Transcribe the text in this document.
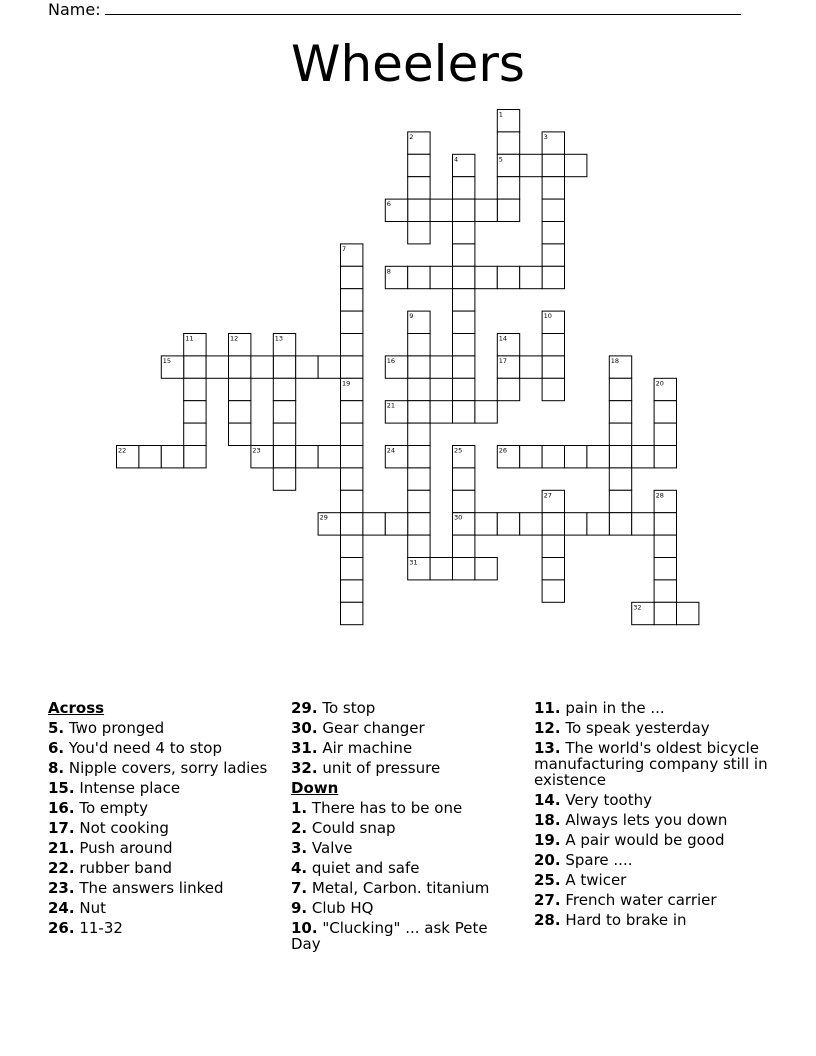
Name:
Wheelers
1
2	3
4	5
6
7
8
9	10
11	12	13	14
15	16	17	18
19	20
21
22	23	24	25	26
27	28
29	30
31
32
Across
5. Two pronged
6. You'd need 4 to stop
8. Nipple covers, sorry ladies
15. Intense place
16. To empty
17. Not cooking
21. Push around
22. rubber band
23. The answers linked
24. Nut
26. 11-32
29. To stop
30. Gear changer
31. Air machine
32. unit of pressure
Down
1. There has to be one
2. Could snap
3. Valve
4. quiet and safe
7. Metal, Carbon. titanium
9. Club HQ
10. "Clucking" ... ask Pete Day
11. pain in the ...
12. To speak yesterday
13. The world's oldest bicycle manufacturing company still in existence
14. Very toothy
18. Always lets you down
19. A pair would be good
20. Spare ....
25. A twicer
27. French water carrier
28. Hard to brake in
